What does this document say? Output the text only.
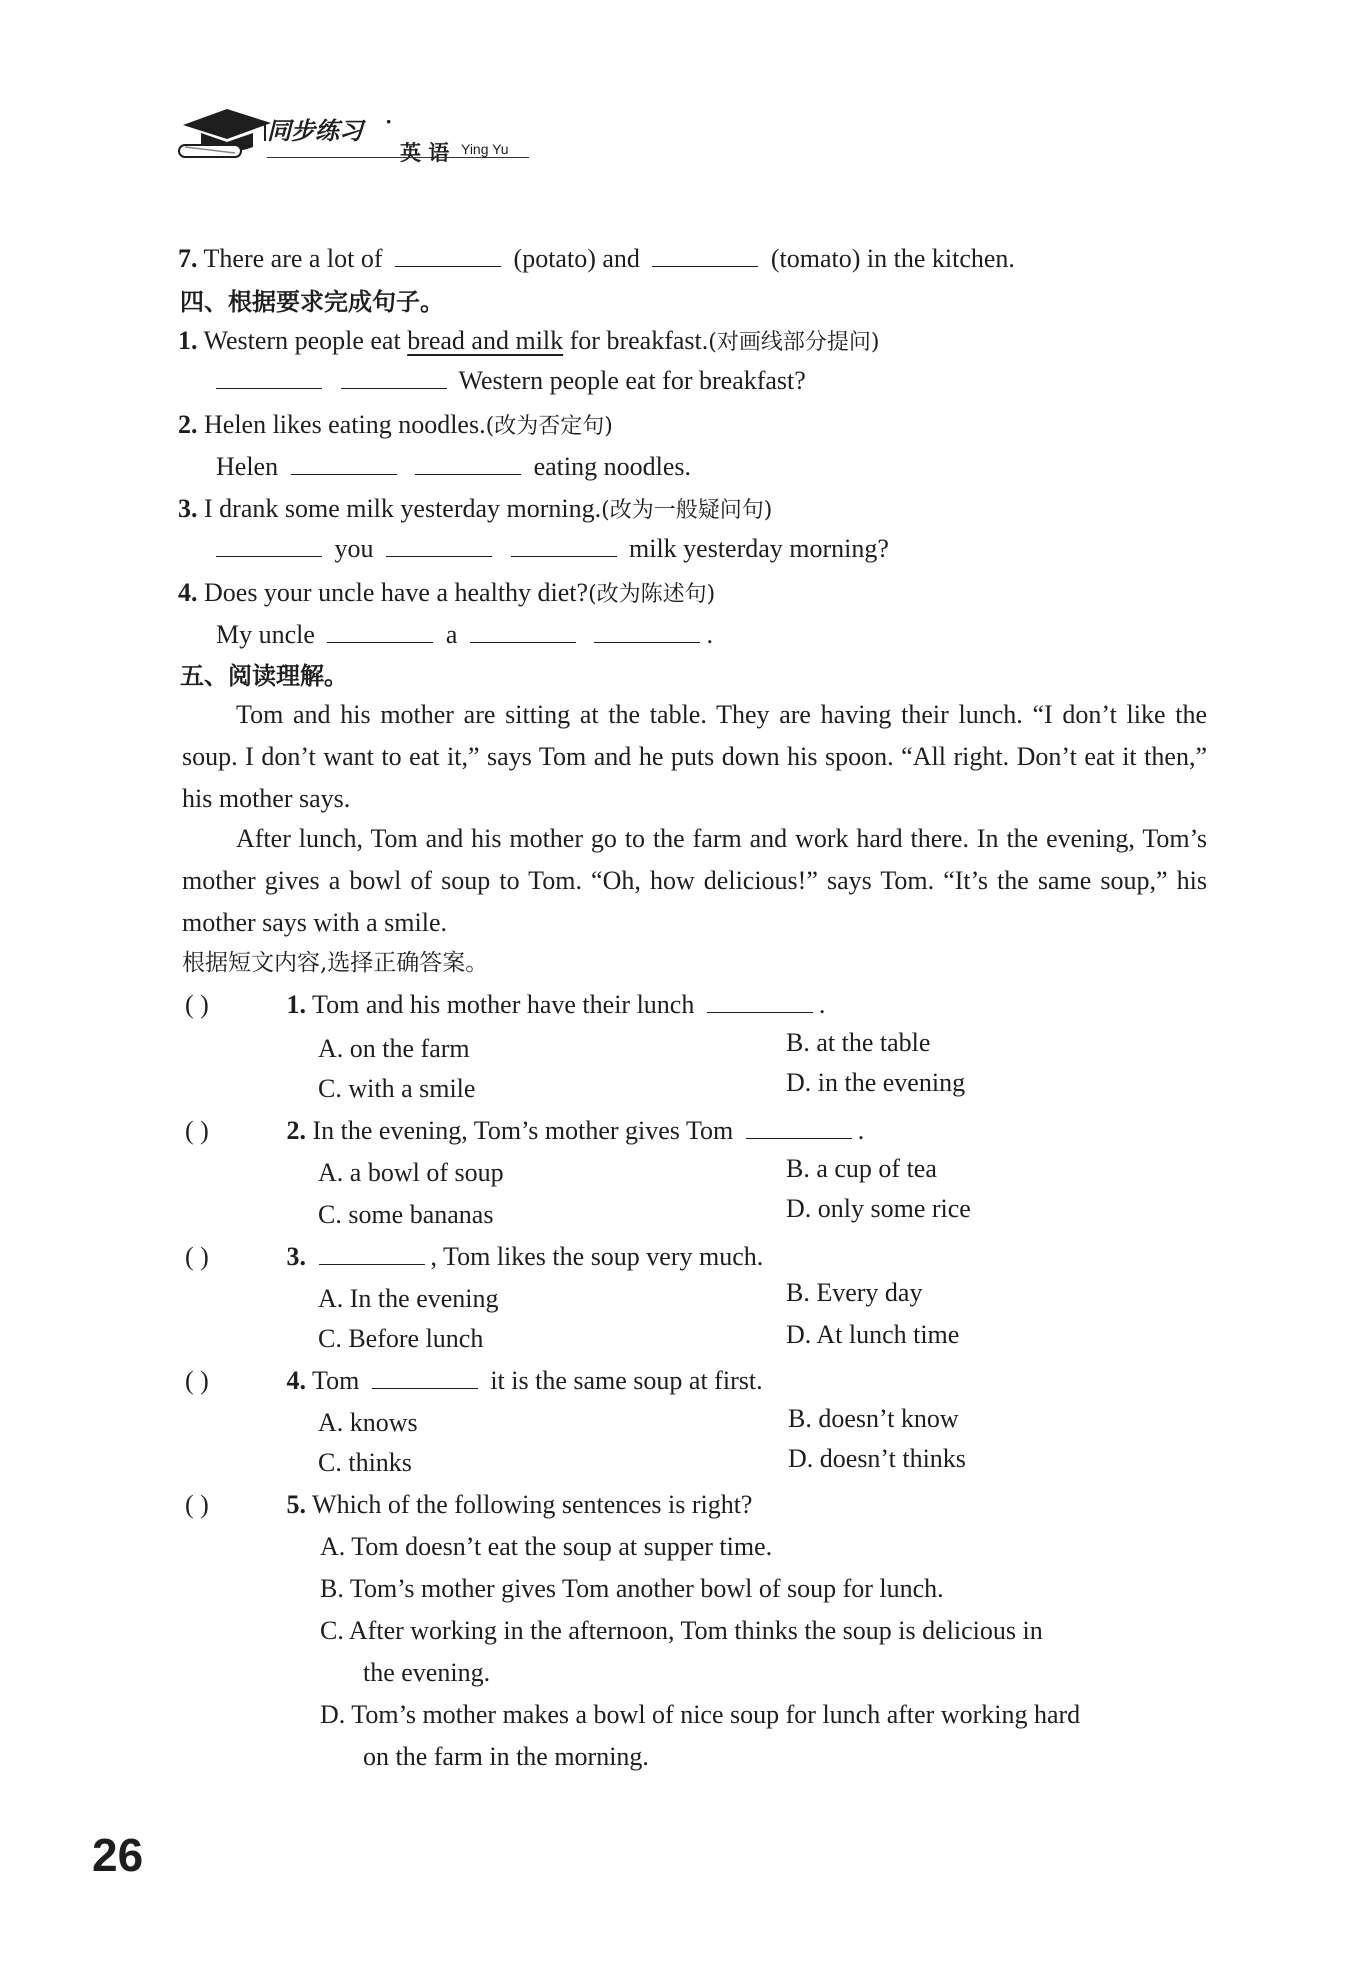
同步练习 ·
英 语 Ying Yu
7. There are a lot of	(potato) and	(tomato) in the kitchen.
四、根据要求完成句子。
1. Western people eat bread and milk for breakfast.(对画线部分提问)
Western people eat for breakfast?
2. Helen likes eating noodles.(改为否定句)
Helen	eating noodles.
3. I drank some milk yesterday morning.(改为一般疑问句)
you	milk yesterday morning?
4. Does your uncle have a healthy diet?(改为陈述句)
My uncle	a	.
五、阅读理解。
Tom and his mother are sitting at the table. They are having their lunch. “I don’t like the soup. I don’t want to eat it,” says Tom and he puts down his spoon. “All right. Don’t eat it then,” his mother says.
After lunch, Tom and his mother go to the farm and work hard there. In the evening, Tom’s mother gives a bowl of soup to Tom. “Oh, how delicious!” says Tom. “It’s the same soup,” his mother says with a smile.
根据短文内容,选择正确答案。
( )	1. Tom and his mother have their lunch	.
A. on the farm	B. at the table
C. with a smile	D. in the evening
( )	2. In the evening, Tom’s mother gives Tom	.
A. a bowl of soup	B. a cup of tea
C. some bananas	D. only some rice
( )	3.	, Tom likes the soup very much.
A. In the evening	B. Every day
C. Before lunch	D. At lunch time
( )	4. Tom	it is the same soup at first.
A. knows	B. doesn’t know
C. thinks	D. doesn’t thinks
( )	5. Which of the following sentences is right?
A. Tom doesn’t eat the soup at supper time.
B. Tom’s mother gives Tom another bowl of soup for lunch.
C. After working in the afternoon, Tom thinks the soup is delicious in
the evening.
D. Tom’s mother makes a bowl of nice soup for lunch after working hard
on the farm in the morning.
26
